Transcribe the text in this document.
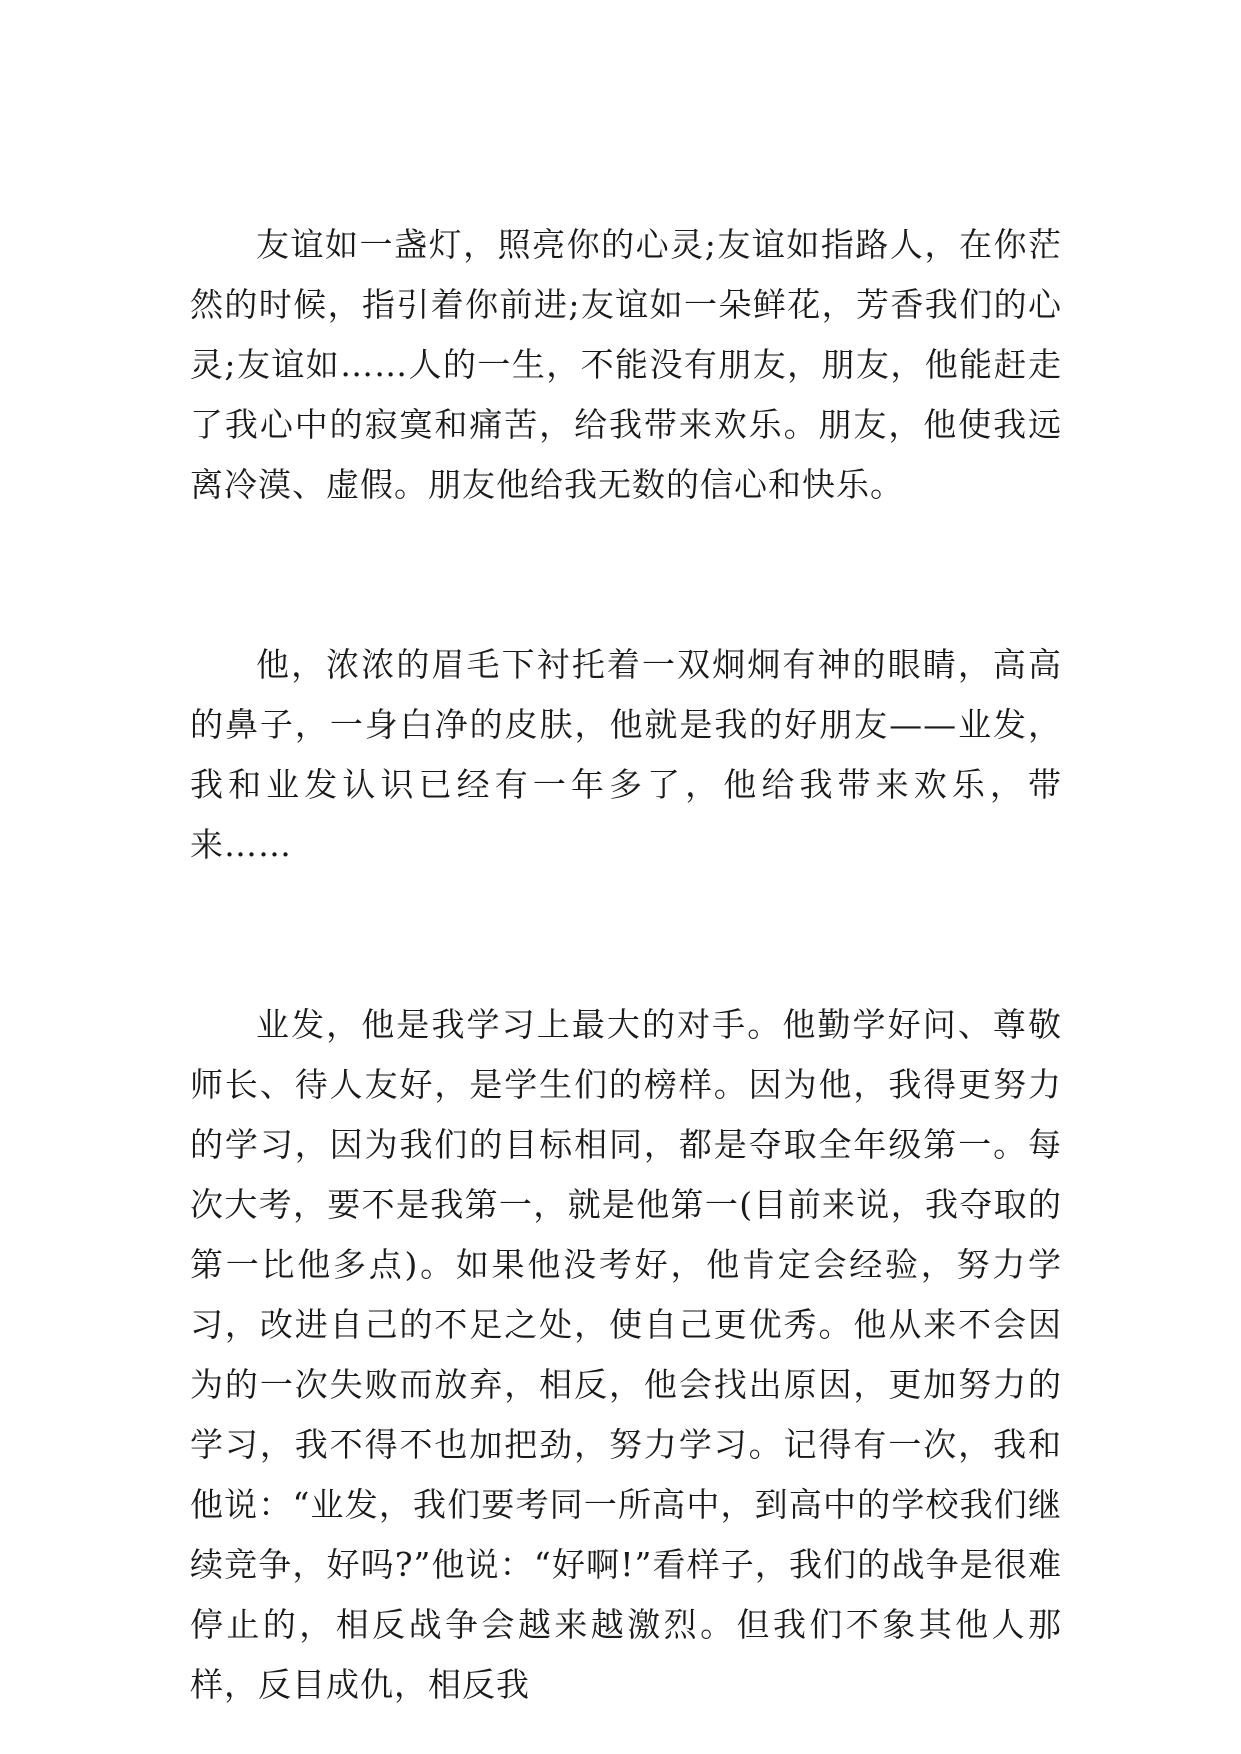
友谊如一盏灯，照亮你的心灵;友谊如指路人，在你茫然的时候，指引着你前进;友谊如一朵鲜花，芳香我们的心灵;友谊如……人的一生，不能没有朋友，朋友，他能赶走了我心中的寂寞和痛苦，给我带来欢乐。朋友，他使我远离冷漠、虚假。朋友他给我无数的信心和快乐。

他，浓浓的眉毛下衬托着一双炯炯有神的眼睛，高高的鼻子，一身白净的皮肤，他就是我的好朋友——业发，我和业发认识已经有一年多了，他给我带来欢乐，带来……

业发，他是我学习上最大的对手。他勤学好问、尊敬师长、待人友好，是学生们的榜样。因为他，我得更努力的学习，因为我们的目标相同，都是夺取全年级第一。每次大考，要不是我第一，就是他第一(目前来说，我夺取的第一比他多点)。如果他没考好，他肯定会经验，努力学习，改进自己的不足之处，使自己更优秀。他从来不会因为的一次失败而放弃，相反，他会找出原因，更加努力的学习，我不得不也加把劲，努力学习。记得有一次，我和他说：“业发，我们要考同一所高中，到高中的学校我们继续竞争，好吗?”他说：“好啊!”看样子，我们的战争是很难停止的，相反战争会越来越激烈。但我们不象其他人那样，反目成仇，相反我
